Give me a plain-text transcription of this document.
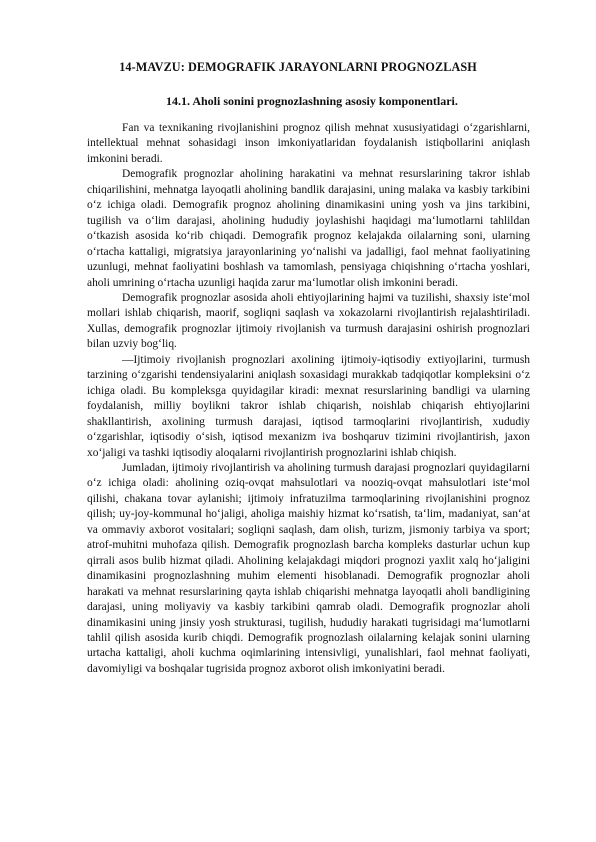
14-MAVZU: DEMOGRAFIK JARAYONLARNI PROGNOZLASH
14.1. Aholi sonini prognozlashning asosiy komponentlari.

Fan va texnikaning rivojlanishini prognoz qilish mehnat xususiyatidagi o‘zgarishlarni, intellektual mehnat sohasidagi inson imkoniyatlaridan foydalanish istiqbollarini aniqlash imkonini beradi.

Demografik prognozlar aholining harakatini va mehnat resurslarining takror ishlab chiqarilishini, mehnatga layoqatli aholining bandlik darajasini, uning malaka va kasbiy tarkibini o‘z ichiga oladi. Demografik prognoz aholining dinamikasini uning yosh va jins tarkibini, tugilish va o‘lim darajasi, aholining hududiy joylashishi haqidagi ma‘lumotlarni tahlildan o‘tkazish asosida ko‘rib chiqadi. Demografik prognoz kelajakda oilalarning soni, ularning o‘rtacha kattaligi, migratsiya jarayonlarining yo‘nalishi va jadalligi, faol mehnat faoliyatining uzunlugi, mehnat faoliyatini boshlash va tamomlash, pensiyaga chiqishning o‘rtacha yoshlari, aholi umrining o‘rtacha uzunligi haqida zarur ma‘lumotlar olish imkonini beradi.

Demografik prognozlar asosida aholi ehtiyojlarining hajmi va tuzilishi, shaxsiy iste‘mol mollari ishlab chiqarish, maorif, sogliqni saqlash va xokazolarni rivojlantirish rejalashtiriladi. Xullas, demografik prognozlar ijtimoiy rivojlanish va turmush darajasini oshirish prognozlari bilan uzviy bog‘liq.

―Ijtimoiy rivojlanish prognozlari axolining ijtimoiy-iqtisodiy extiyojlarini, turmush tarzining o‘zgarishi tendensiyalarini aniqlash soxasidagi murakkab tadqiqotlar kompleksini o‘z ichiga oladi. Bu kompleksga quyidagilar kiradi: mexnat resurslarining bandligi va ularning foydalanish, milliy boylikni takror ishlab chiqarish, noishlab chiqarish ehtiyojlarini shakllantirish, axolining turmush darajasi, iqtisod tarmoqlarini rivojlantirish, xududiy o‘zgarishlar, iqtisodiy o‘sish, iqtisod mexanizm iva boshqaruv tizimini rivojlantirish, jaxon xo‘jaligi va tashki iqtisodiy aloqalarni rivojlantirish prognozlarini ishlab chiqish.

Jumladan, ijtimoiy rivojlantirish va aholining turmush darajasi prognozlari quyidagilarni o‘z ichiga oladi: aholining oziq-ovqat mahsulotlari va nooziq-ovqat mahsulotlari iste‘mol qilishi, chakana tovar aylanishi; ijtimoiy infratuzilma tarmoqlarining rivojlanishini prognoz qilish; uy-joy-kommunal ho‘jaligi, aholiga maishiy hizmat ko‘rsatish, ta‘lim, madaniyat, san‘at va ommaviy axborot vositalari; sogliqni saqlash, dam olish, turizm, jismoniy tarbiya va sport; atrof-muhitni muhofaza qilish. Demografik prognozlash barcha kompleks dasturlar uchun kup qirrali asos bulib hizmat qiladi. Aholining kelajakdagi miqdori prognozi yaxlit xalq ho‘jaligini dinamikasini prognozlashning muhim elementi hisoblanadi. Demografik prognozlar aholi harakati va mehnat resurslarining qayta ishlab chiqarishi mehnatga layoqatli aholi bandligining darajasi, uning moliyaviy va kasbiy tarkibini qamrab oladi. Demografik prognozlar aholi dinamikasini uning jinsiy yosh strukturasi, tugilish, hududiy harakati tugrisidagi ma‘lumotlarni tahlil qilish asosida kurib chiqdi. Demografik prognozlash oilalarning kelajak sonini ularning urtacha kattaligi, aholi kuchma oqimlarining intensivligi, yunalishlari, faol mehnat faoliyati, davomiyligi va boshqalar tugrisida prognoz axborot olish imkoniyatini beradi.
